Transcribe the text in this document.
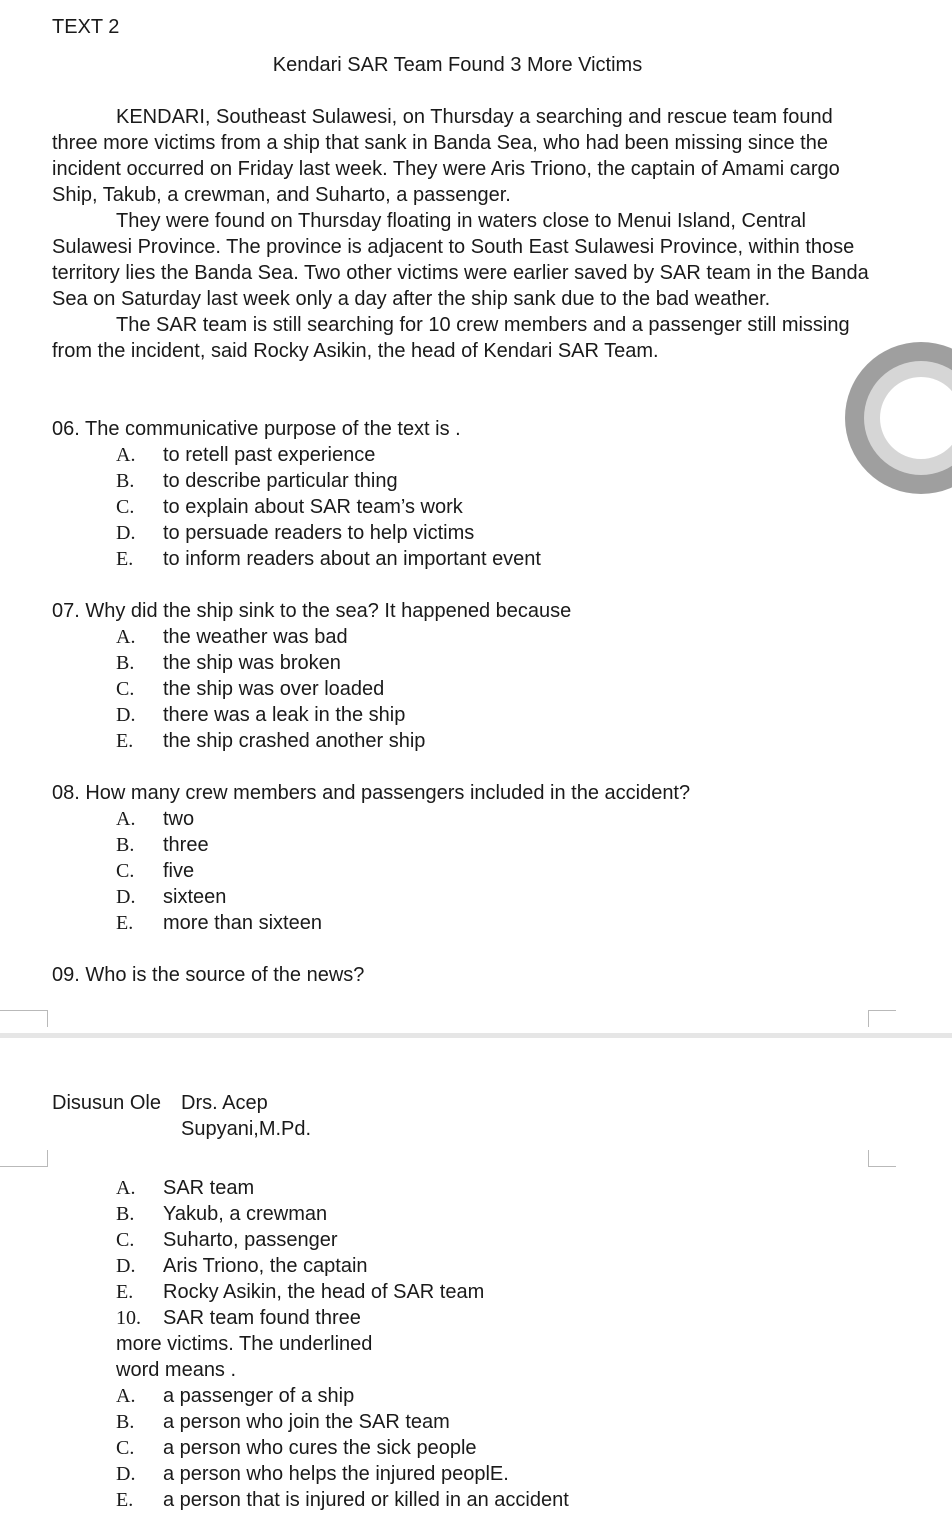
TEXT 2
Kendari SAR Team Found 3 More Victims

KENDARI, Southeast Sulawesi, on Thursday a searching and rescue team found three more victims from a ship that sank in Banda Sea, who had been missing since the incident occurred on Friday last week. They were Aris Triono, the captain of Amami cargo Ship, Takub, a crewman, and Suharto, a passenger.

They were found on Thursday floating in waters close to Menui Island, Central Sulawesi Province. The province is adjacent to South East Sulawesi Province, within those territory lies the Banda Sea. Two other victims were earlier saved by SAR team in the Banda Sea on Saturday last week only a day after the ship sank due to the bad weather.

The SAR team is still searching for 10 crew members and a passenger still missing from the incident, said Rocky Asikin, the head of Kendari SAR Team.

06. The communicative purpose of the text is .
A. to retell past experience
B. to describe particular thing
C. to explain about SAR team’s work
D. to persuade readers to help victims
E. to inform readers about an important event
07. Why did the ship sink to the sea? It happened because
A. the weather was bad
B. the ship was broken
C. the ship was over loaded
D. there was a leak in the ship
E. the ship crashed another ship
08. How many crew members and passengers included in the accident?
A. two
B. three
C. five
D. sixteen
E. more than sixteen
09. Who is the source of the news?
Disusun Ole Drs. Acep
Supyani,M.Pd.
A. SAR team
B. Yakub, a crewman
C. Suharto, passenger
D. Aris Triono, the captain
E. Rocky Asikin, the head of SAR team
10. SAR team found three
more victims. The underlined
word means .
A. a passenger of a ship
B. a person who join the SAR team
C. a person who cures the sick people
D. a person who helps the injured peoplE.
E. a person that is injured or killed in an accident
